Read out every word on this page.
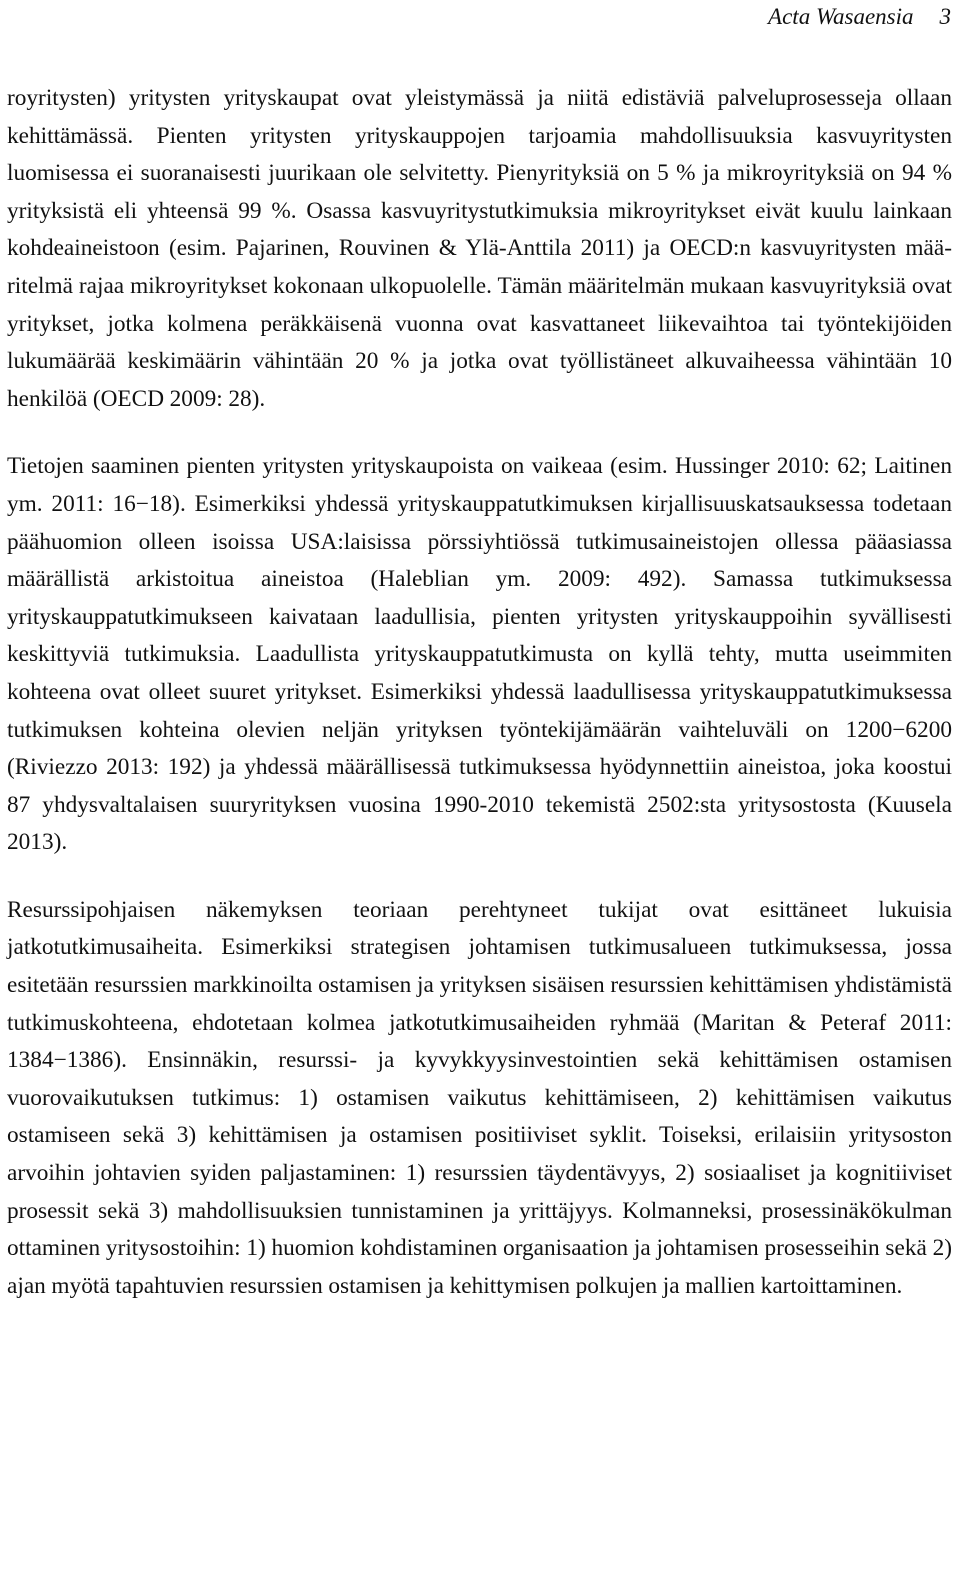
Acta Wasaensia 3

royritysten) yritysten yrityskaupat ovat yleistymässä ja niitä edistäviä palveluprosesseja ollaan kehittämässä. Pienten yritysten yrityskauppojen tarjoamia mahdollisuuksia kasvuyritysten luomisessa ei suoranaisesti juurikaan ole selvitetty. Pienyrityksiä on 5 % ja mikroyrityksiä on 94 % yrityksistä eli yhteensä 99 %. Osassa kasvuyritystutkimuksia mikroyritykset eivät kuulu lainkaan kohdeaineistoon (esim. Pajarinen, Rouvinen & Ylä-Anttila 2011) ja OECD:n kasvuyritysten määritelmä rajaa mikroyritykset kokonaan ulkopuolelle. Tämän määritelmän mukaan kasvuyrityksiä ovat yritykset, jotka kolmena peräkkäisenä vuonna ovat kasvattaneet liikevaihtoa tai työntekijöiden lukumäärää keskimäärin vähintään 20 % ja jotka ovat työllistäneet alkuvaiheessa vähintään 10 henkilöä (OECD 2009: 28).

Tietojen saaminen pienten yritysten yrityskaupoista on vaikeaa (esim. Hussinger 2010: 62; Laitinen ym. 2011: 16−18). Esimerkiksi yhdessä yrityskauppatutkimuksen kirjallisuuskatsauksessa todetaan päähuomion olleen isoissa USA:laisissa pörssiyhtiössä tutkimusaineistojen ollessa pääasiassa määrällistä arkistoitua aineistoa (Haleblian ym. 2009: 492). Samassa tutkimuksessa yrityskauppatutkimukseen kaivataan laadullisia, pienten yritysten yrityskauppoihin syvällisesti keskittyviä tutkimuksia. Laadullista yrityskauppatutkimusta on kyllä tehty, mutta useimmiten kohteena ovat olleet suuret yritykset. Esimerkiksi yhdessä laadullisessa yrityskauppatutkimuksessa tutkimuksen kohteina olevien neljän yrityksen työntekijämäärän vaihteluväli on 1200−6200 (Riviezzo 2013: 192) ja yhdessä määrällisessä tutkimuksessa hyödynnettiin aineistoa, joka koostui 87 yhdysvaltalaisen suuryrityksen vuosina 1990-2010 tekemistä 2502:sta yritysostosta (Kuusela 2013).

Resurssipohjaisen näkemyksen teoriaan perehtyneet tukijat ovat esittäneet lukuisia jatkotutkimusaiheita. Esimerkiksi strategisen johtamisen tutkimusalueen tutkimuksessa, jossa esitetään resurssien markkinoilta ostamisen ja yrityksen sisäisen resurssien kehittämisen yhdistämistä tutkimuskohteena, ehdotetaan kolmea jatkotutkimusaiheiden ryhmää (Maritan & Peteraf 2011: 1384−1386). Ensinnäkin, resurssi- ja kyvykkyysinvestointien sekä kehittämisen ostamisen vuorovaikutuksen tutkimus: 1) ostamisen vaikutus kehittämiseen, 2) kehittämisen vaikutus ostamiseen sekä 3) kehittämisen ja ostamisen positiiviset syklit. Toiseksi, erilaisiin yritysoston arvoihin johtavien syiden paljastaminen: 1) resurssien täydentävyys, 2) sosiaaliset ja kognitiiviset prosessit sekä 3) mahdollisuuksien tunnistaminen ja yrittäjyys. Kolmanneksi, prosessinäkökulman ottaminen yritysostoihin: 1) huomion kohdistaminen organisaation ja johtamisen prosesseihin sekä 2) ajan myötä tapahtuvien resurssien ostamisen ja kehittymisen polkujen ja mallien kartoittaminen.
